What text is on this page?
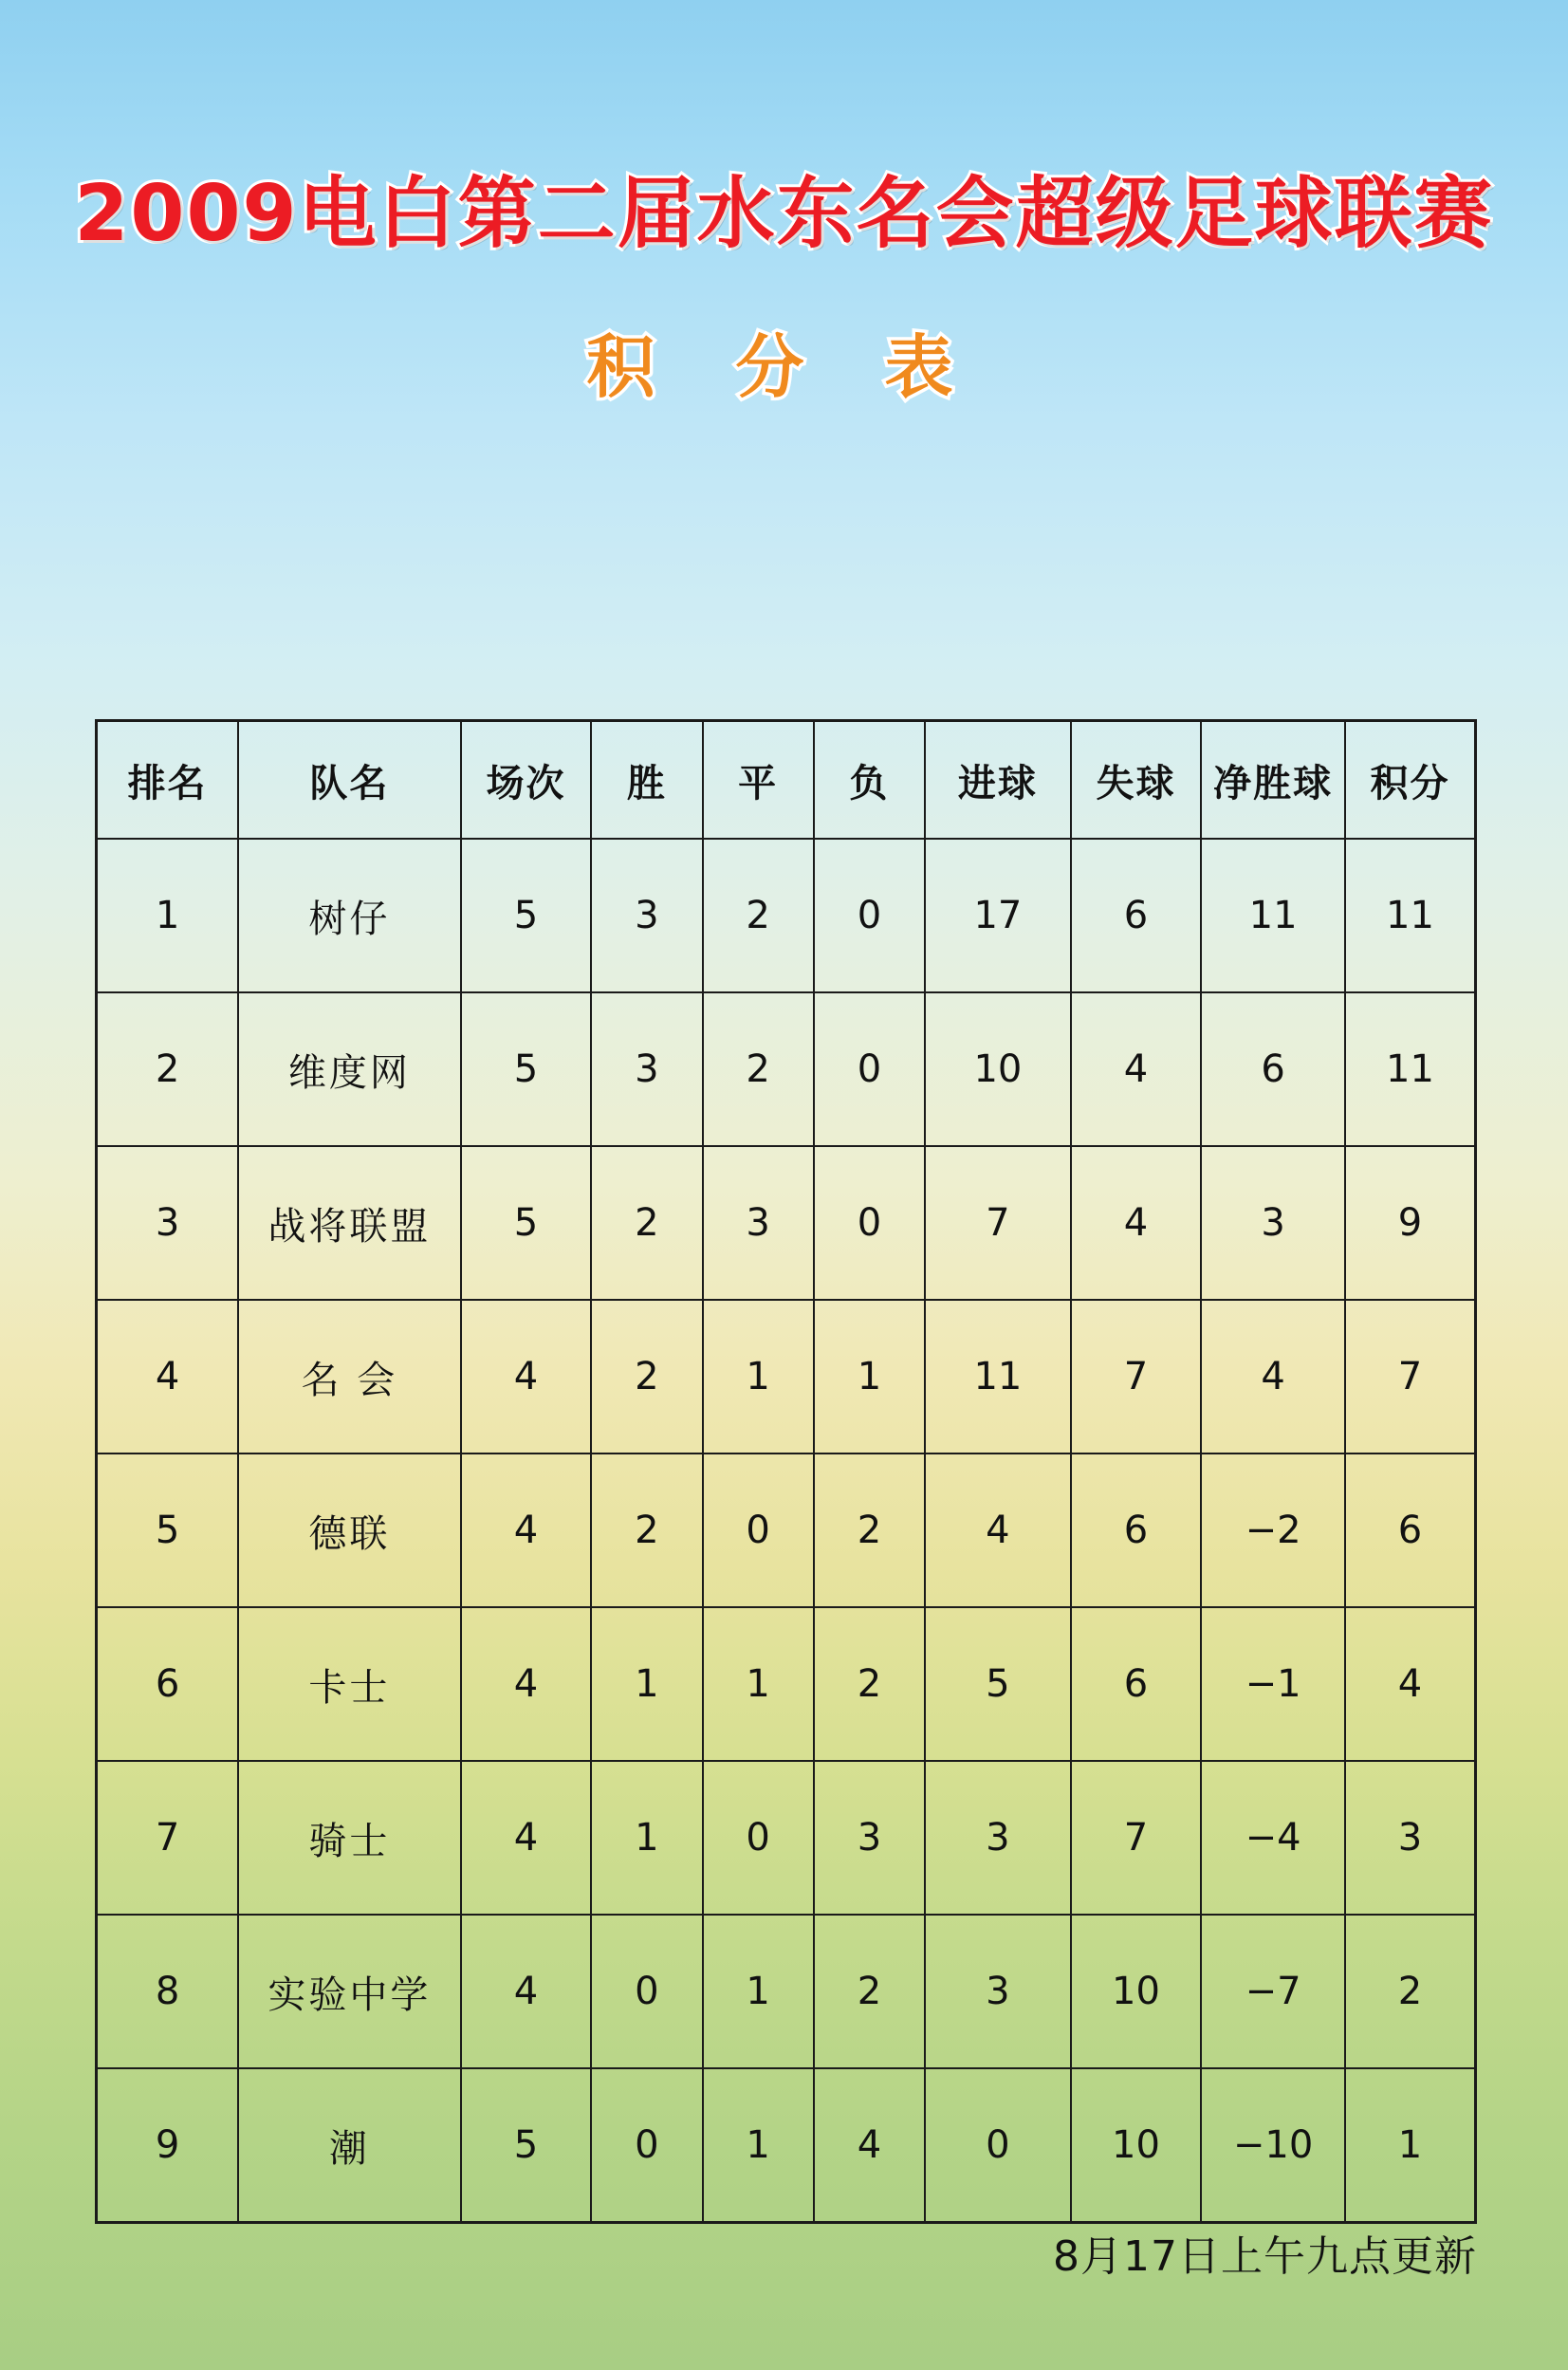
2009电白第二届水东名会超级足球联赛
积 分 表
排名	队名	场次	胜	平	负	进球	失球	净胜球	积分
1	树仔	5	3	2	0	17	6	11	11
2	维度网	5	3	2	0	10	4	6	11
3	战将联盟	5	2	3	0	7	4	3	9
4	名 会	4	2	1	1	11	7	4	7
5	德联	4	2	0	2	4	6	−2	6
6	卡士	4	1	1	2	5	6	−1	4
7	骑士	4	1	0	3	3	7	−4	3
8	实验中学	4	0	1	2	3	10	−7	2
9	潮	5	0	1	4	0	10	−10	1
8月17日上午九点更新
